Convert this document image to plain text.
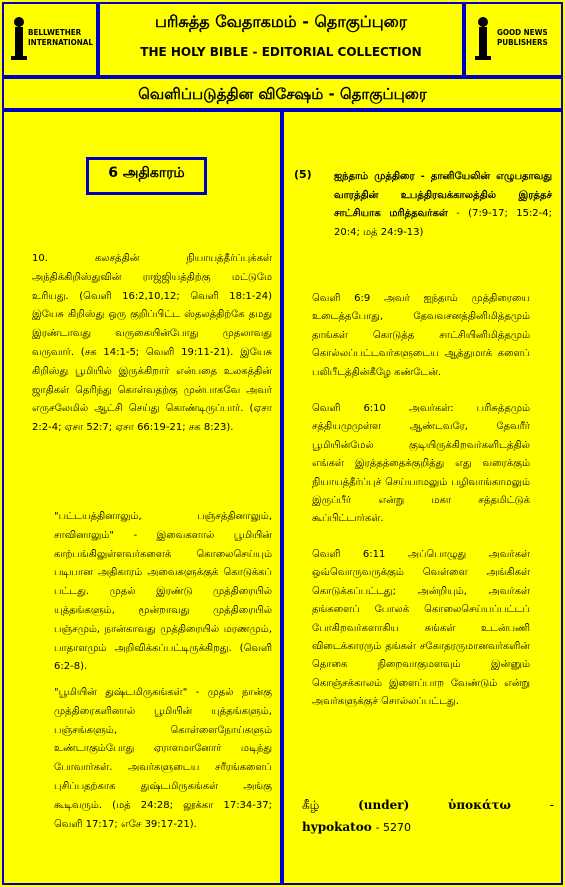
BELLWETHER
INTERNATIONAL
பரிசுத்த வேதாகமம் - தொகுப்புரை
THE HOLY BIBLE - EDITORIAL COLLECTION
GOOD NEWS
PUBLISHERS
வெளிப்படுத்தின விசேஷம் - தொகுப்புரை
6 அதிகாரம்

10. கலசத்தின் நியாயத்தீர்ப்புக்கள் அந்திக்கிறிஸ்துவின் ராஜ்ஜியத்திற்கு மட்டுமே உரியது. (வெளி 16:2,10,12; வெளி 18:1-24) இயேசு கிறிஸ்து ஒரு குறிப்பிட்ட ஸ்தலத்திற்கே தமது இரண்டாவது வருகையின்போது முதலாவது வருவார். (சக 14:1-5; வெளி 19:11-21). இயேசு கிறிஸ்து பூமியில் இருக்கிறார் என்பதை உலகத்தின் ஜாதிகள் தெரிந்து கொள்வதற்கு முன்பாகவே அவர் எருசலேமில் ஆட்சி செய்து கொண்டிருப்பார். (ஏசா 2:2-4; ஏசா 52:7; ஏசா 66:19-21; சக 8:23).

"பட்டயத்தினாலும், பஞ்சத்தினாலும், சாவினாலும்" - இவைகளால் பூமியின் காற்பங்கிலுள்ளவர்களைக் கொலைசெய்யும் படியான அதிகாரம் அவைகளுக்குக் கொடுக்கப் பட்டது. முதல் இரண்டு முத்திரையில் யுத்தங்களும், மூன்றாவது முத்திரையில் பஞ்சமும், நான்காவது முத்திரையில் மரணமும், பாதாளமும் அறிவிக்கப்பட்டிருக்கிறது. (வெளி 6:2-8).

"பூமியின் துஷ்டமிருகங்கள்" - முதல் நான்கு முத்திரைகளினால் பூமியின் யுத்தங்களும், பஞ்சங்களும், கொள்ளைநோய்களும் உண்டாகும்போது ஏராளமானோர் மடிந்து போவார்கள். அவர்களுடைய சரீரங்களைப் புசிப்பதற்காக துஷ்டமிருகங்கள் அங்கு கூடிவரும். (மத் 24:28; லூக்கா 17:34-37; வெளி 17:17; எசே 39:17-21).

(5) ஐந்தாம் முத்திரை - தானியேலின் எழுபதாவது வாரத்தின் உபத்திரவக்காலத்தில் இரத்தச் சாட்சியாக மரித்தவர்கள் - (7:9-17; 15:2-4; 20:4; மத் 24:9-13)

வெளி 6:9 அவர் ஐந்தாம் முத்திரையை உடைத்தபோது, தேவவசனத்தினிமித்தமும் தாங்கள் கொடுத்த சாட்சியினிமித்தமும் கொல்லப்பட்டவர்களுடைய ஆத்துமாக் களைப் பலிபீடத்தின்கீழே கண்டேன்.

வெளி 6:10 அவர்கள்: பரிசுத்தமும் சத்தியமுமுள்ள ஆண்டவரே, தேவரீர் பூமியின்மேல் குடியிருக்கிறவர்களிடத்தில் எங்கள் இரத்தத்தைக்குறித்து எது வரைக்கும் நியாயத்தீர்ப்புச் செய்யாமலும் பழிவாங்காமலும் இருப்பீர் என்று மகா சத்தமிட்டுக் கூப்பிட்டார்கள்.

வெளி 6:11 அப்பொழுது அவர்கள் ஒவ்வொருவருக்கும் வெள்ளை அங்கிகள் கொடுக்கப்பட்டது; அன்றியும், அவர்கள் தங்களைப் போலக் கொலைசெய்யப்பட்டப் போகிறவர்களாகிய சுங்கள் உடன்பணி விடைக்காரரும் தங்கள் சகோதரருமானவர்களின் தொகை நிறைவாகுமளவும் இன்னும் கொஞ்சக்காலம் இளைப்பாற வேண்டும் என்று அவர்களுக்குச் சொல்லப்பட்டது.

கீழ்	(under)	ὑποκάτω	-
hypokatoo - 5270
